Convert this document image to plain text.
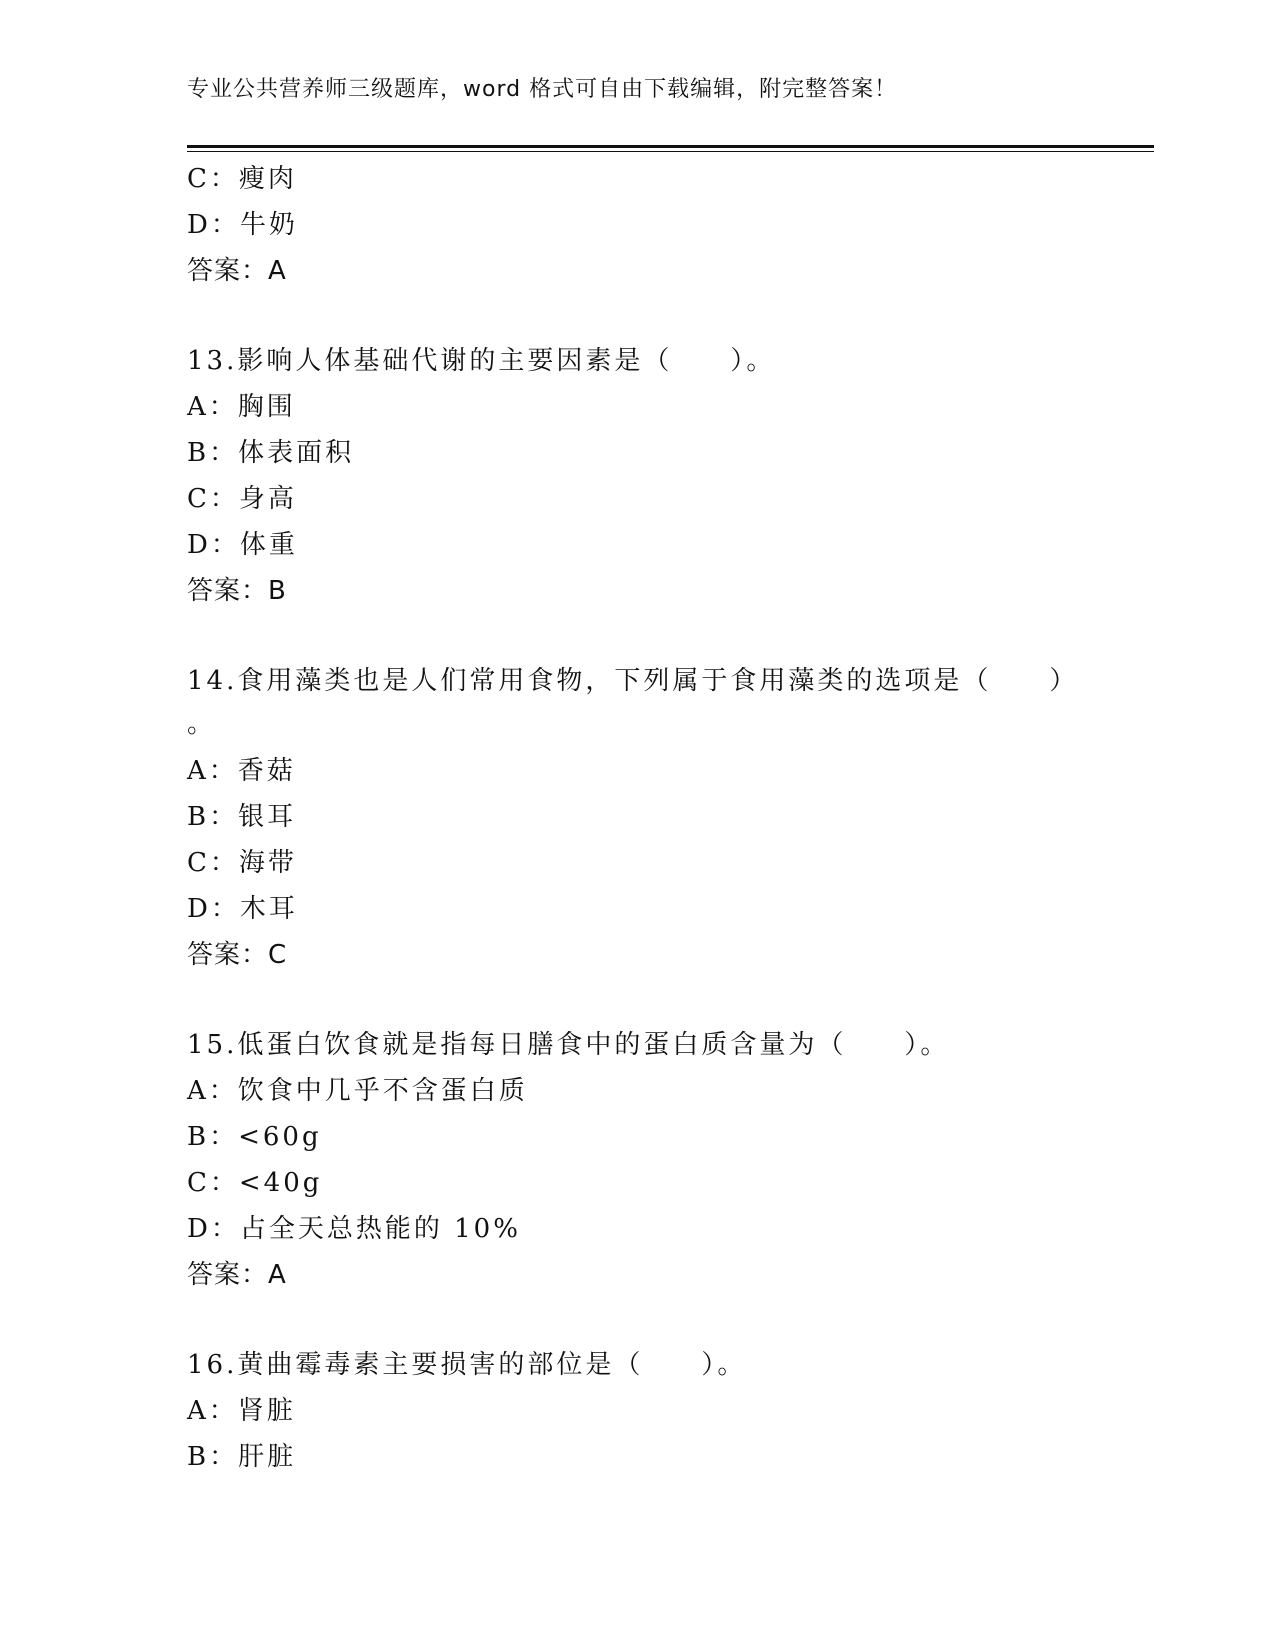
专业公共营养师三级题库，word 格式可自由下载编辑，附完整答案！
C：瘦肉
D：牛奶
答案：A
13.影响人体基础代谢的主要因素是（　　）。
A：胸围
B：体表面积
C：身高
D：体重
答案：B
14.食用藻类也是人们常用食物，下列属于食用藻类的选项是（　　）
。
A：香菇
B：银耳
C：海带
D：木耳
答案：C
15.低蛋白饮食就是指每日膳食中的蛋白质含量为（　　）。
A：饮食中几乎不含蛋白质
B：<60g
C：<40g
D：占全天总热能的 10%
答案：A
16.黄曲霉毒素主要损害的部位是（　　）。
A：肾脏
B：肝脏
